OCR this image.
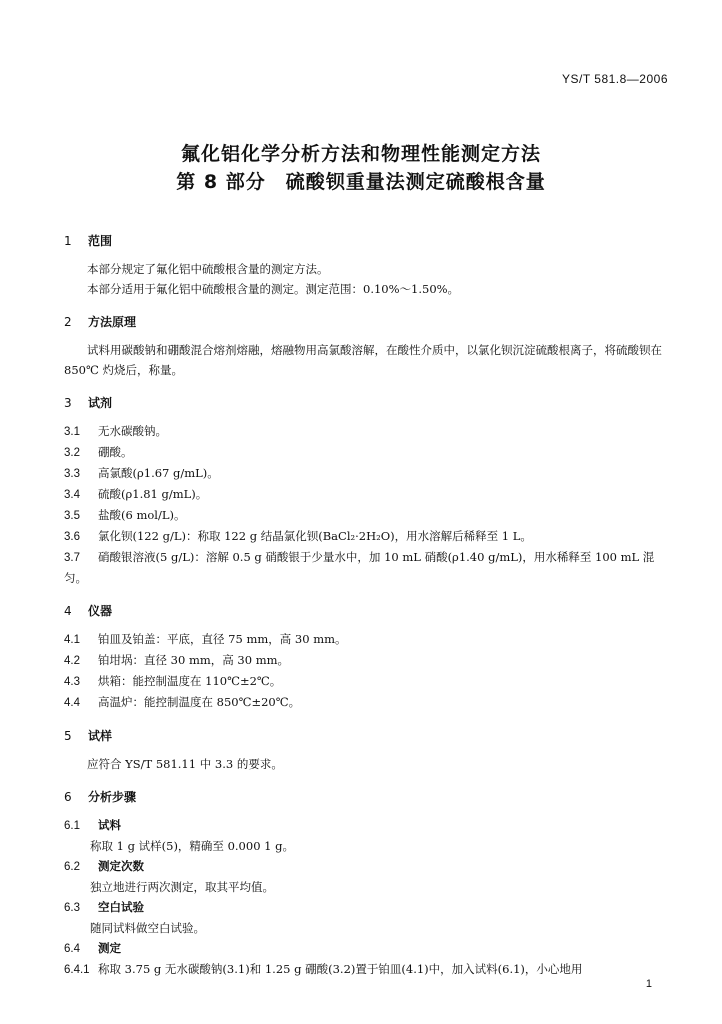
YS/T 581.8—2006
氟化铝化学分析方法和物理性能测定方法
第 8 部分　硫酸钡重量法测定硫酸根含量
1 范围

本部分规定了氟化铝中硫酸根含量的测定方法。

本部分适用于氟化铝中硫酸根含量的测定。测定范围：0.10%～1.50%。

2 方法原理

试料用碳酸钠和硼酸混合熔剂熔融，熔融物用高氯酸溶解，在酸性介质中，以氯化钡沉淀硫酸根离子，将硫酸钡在 850℃ 灼烧后，称量。

3 试剂
3.1 无水碳酸钠。
3.2 硼酸。
3.3 高氯酸(ρ1.67 g/mL)。
3.4 硫酸(ρ1.81 g/mL)。
3.5 盐酸(6 mol/L)。
3.6 氯化钡(122 g/L)：称取 122 g 结晶氯化钡(BaCl₂·2H₂O)，用水溶解后稀释至 1 L。
3.7 硝酸银溶液(5 g/L)：溶解 0.5 g 硝酸银于少量水中，加 10 mL 硝酸(ρ1.40 g/mL)，用水稀释至 100 mL 混匀。
4 仪器
4.1 铂皿及铂盖：平底，直径 75 mm，高 30 mm。
4.2 铂坩埚：直径 30 mm，高 30 mm。
4.3 烘箱：能控制温度在 110℃±2℃。
4.4 高温炉：能控制温度在 850℃±20℃。
5 试样

应符合 YS/T 581.11 中 3.3 的要求。

6 分析步骤
6.1 试料
称取 1 g 试样(5)，精确至 0.000 1 g。
6.2 测定次数
独立地进行两次测定，取其平均值。
6.3 空白试验
随同试料做空白试验。
6.4 测定
6.4.1 称取 3.75 g 无水碳酸钠(3.1)和 1.25 g 硼酸(3.2)置于铂皿(4.1)中，加入试料(6.1)，小心地用
1
